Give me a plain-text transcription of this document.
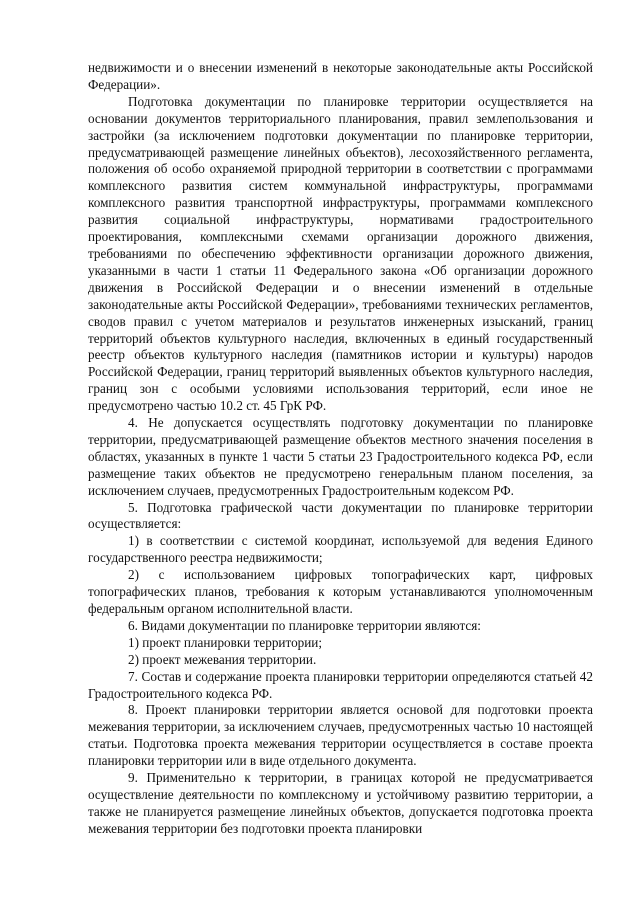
недвижимости и о внесении изменений в некоторые законодательные акты Российской Федерации».

Подготовка документации по планировке территории осуществляется на основании документов территориального планирования, правил землепользования и застройки (за исключением подготовки документации по планировке территории, предусматривающей размещение линейных объектов), лесохозяйственного регламента, положения об особо охраняемой природной территории в соответствии с программами комплексного развития систем коммунальной инфраструктуры, программами комплексного развития транспортной инфраструктуры, программами комплексного развития социальной инфраструктуры, нормативами градостроительного проектирования, комплексными схемами организации дорожного движения, требованиями по обеспечению эффективности организации дорожного движения, указанными в части 1 статьи 11 Федерального закона «Об организации дорожного движения в Российской Федерации и о внесении изменений в отдельные законодательные акты Российской Федерации», требованиями технических регламентов, сводов правил с учетом материалов и результатов инженерных изысканий, границ территорий объектов культурного наследия, включенных в единый государственный реестр объектов культурного наследия (памятников истории и культуры) народов Российской Федерации, границ территорий выявленных объектов культурного наследия, границ зон с особыми условиями использования территорий, если иное не предусмотрено частью 10.2 ст. 45 ГрК РФ.

4. Не допускается осуществлять подготовку документации по планировке территории, предусматривающей размещение объектов местного значения поселения в областях, указанных в пункте 1 части 5 статьи 23 Градостроительного кодекса РФ, если размещение таких объектов не предусмотрено генеральным планом поселения, за исключением случаев, предусмотренных Градостроительным кодексом РФ.

5. Подготовка графической части документации по планировке территории осуществляется:

1) в соответствии с системой координат, используемой для ведения Единого государственного реестра недвижимости;

2) с использованием цифровых топографических карт, цифровых топографических планов, требования к которым устанавливаются уполномоченным федеральным органом исполнительной власти.

6. Видами документации по планировке территории являются:

1) проект планировки территории;

2) проект межевания территории.

7. Состав и содержание проекта планировки территории определяются статьей 42 Градостроительного кодекса РФ.

8. Проект планировки территории является основой для подготовки проекта межевания территории, за исключением случаев, предусмотренных частью 10 настоящей статьи. Подготовка проекта межевания территории осуществляется в составе проекта планировки территории или в виде отдельного документа.

9. Применительно к территории, в границах которой не предусматривается осуществление деятельности по комплексному и устойчивому развитию территории, а также не планируется размещение линейных объектов, допускается подготовка проекта межевания территории без подготовки проекта планировки
